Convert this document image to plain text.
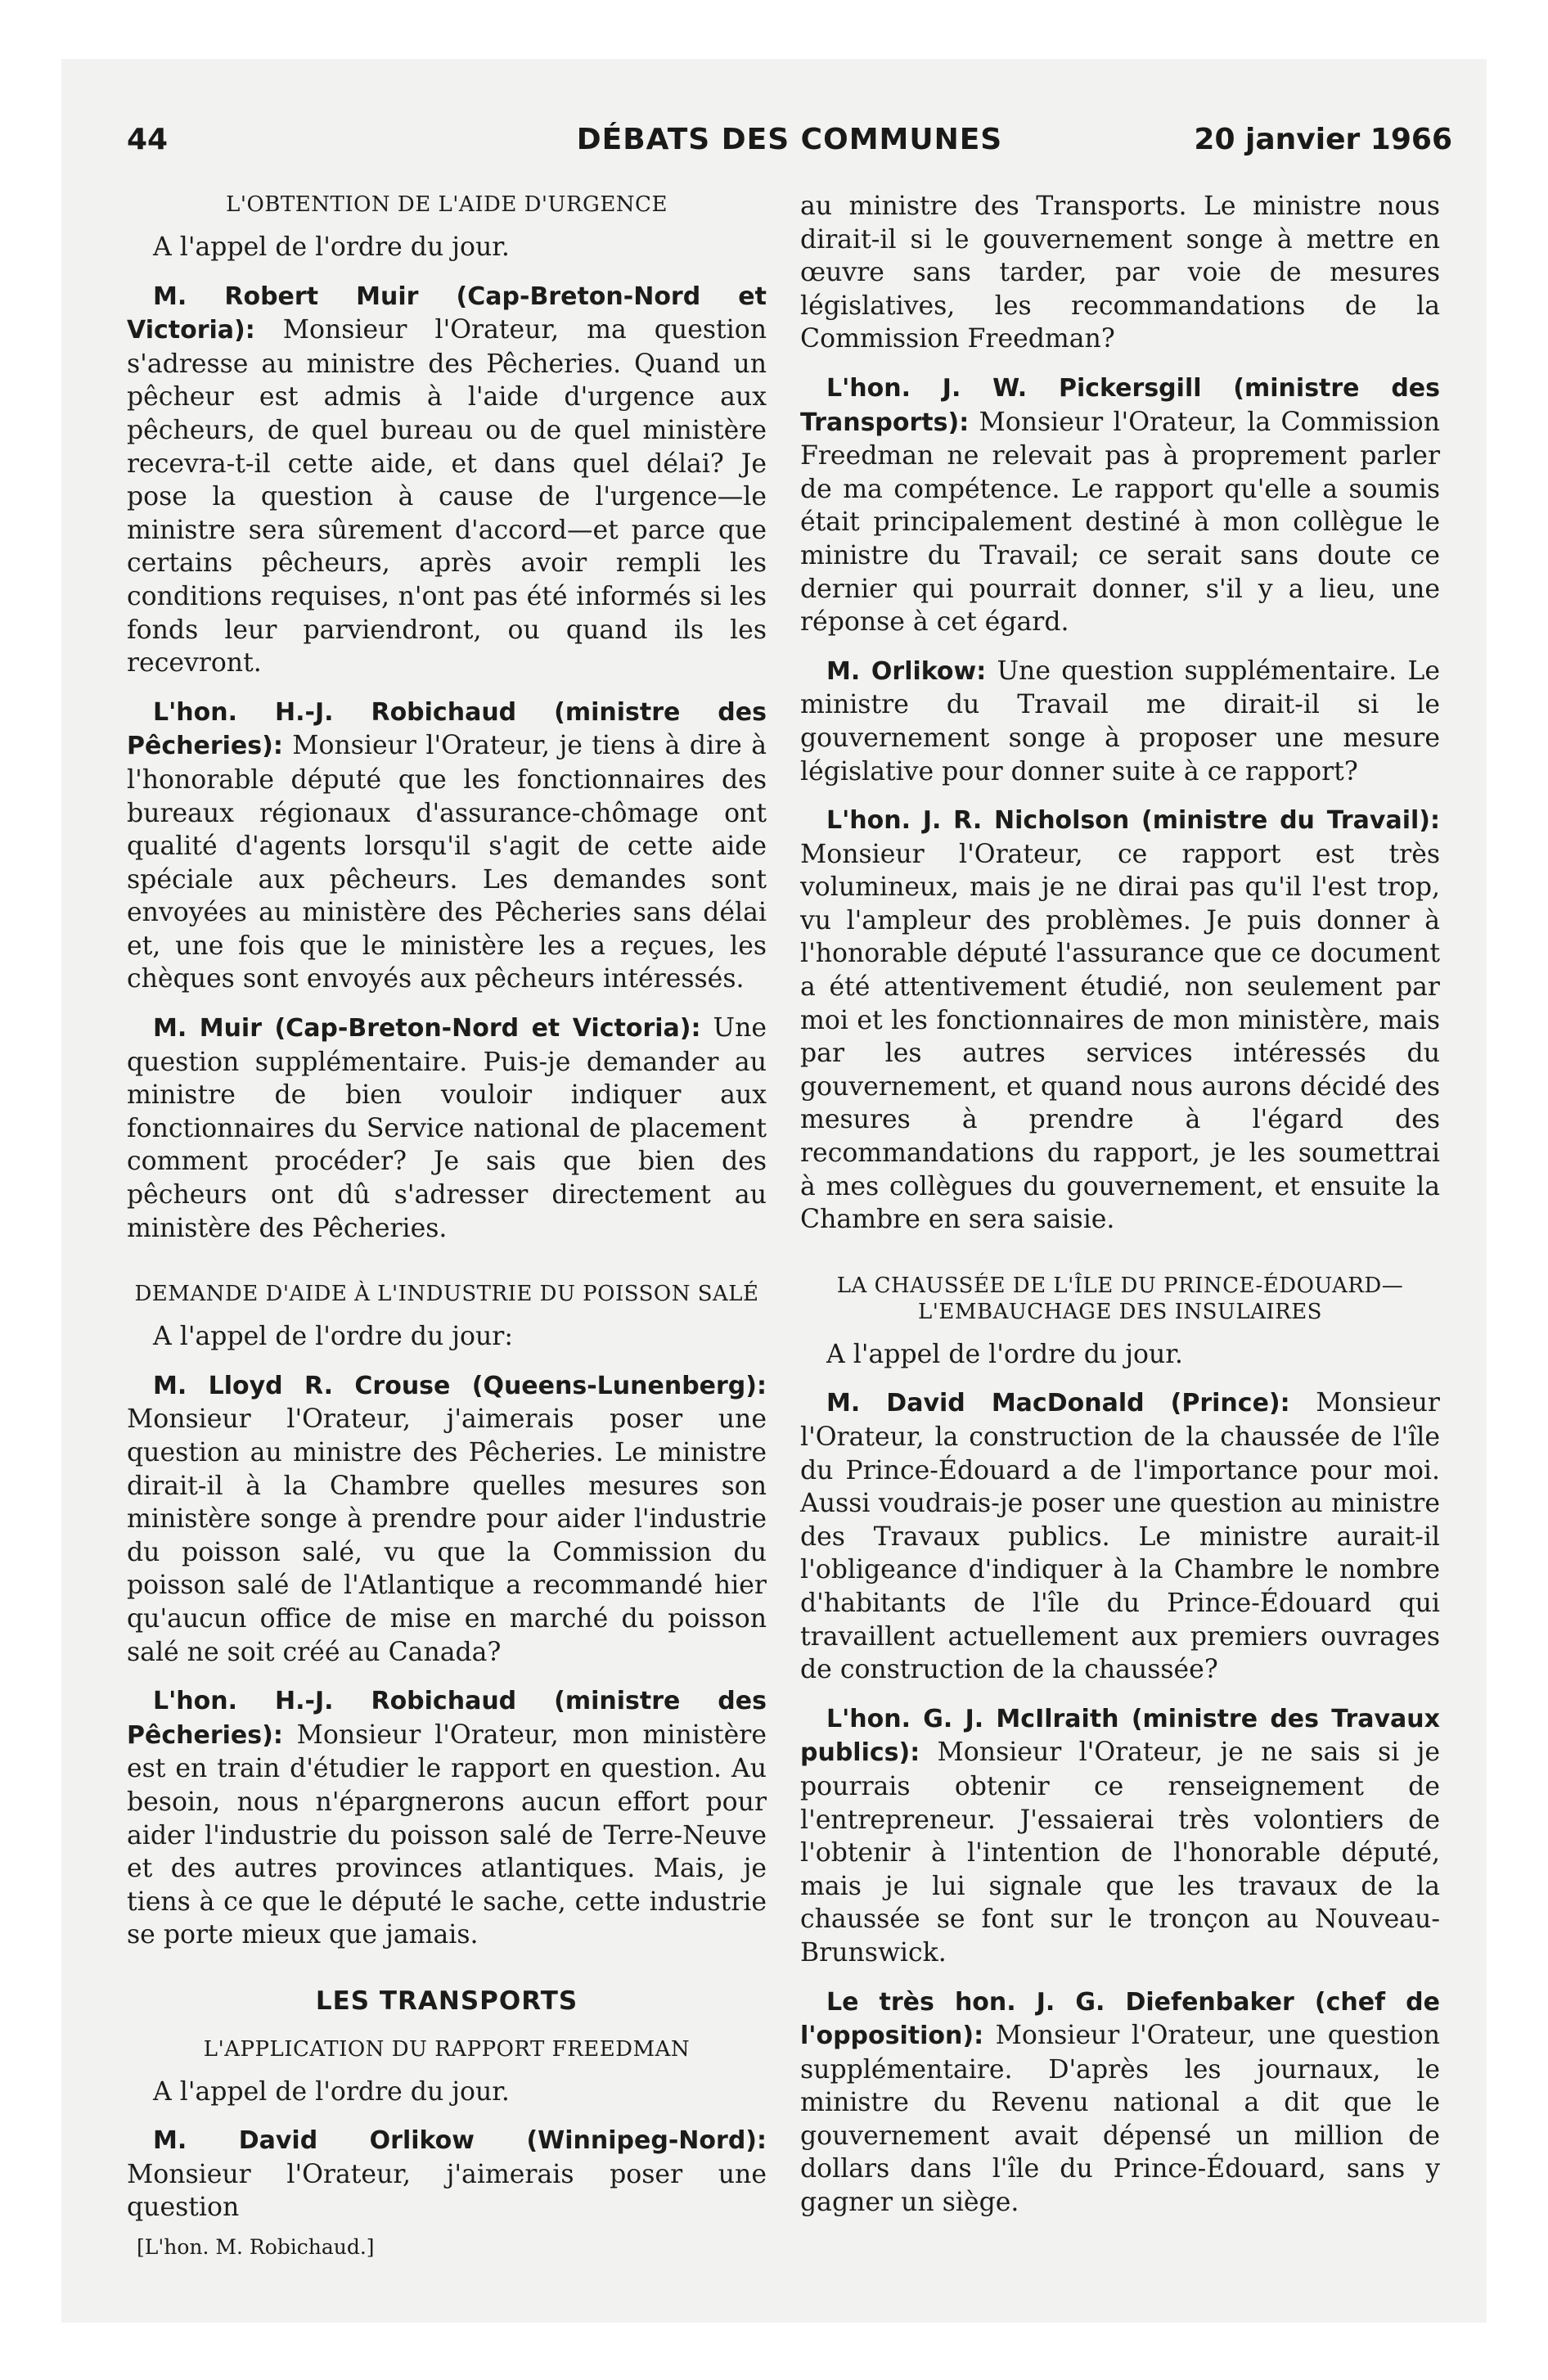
44	DÉBATS DES COMMUNES	20 janvier 1966
L'OBTENTION DE L'AIDE D'URGENCE

A l'appel de l'ordre du jour.

M. Robert Muir (Cap-Breton-Nord et Victoria): Monsieur l'Orateur, ma question s'adresse au ministre des Pêcheries. Quand un pêcheur est admis à l'aide d'urgence aux pêcheurs, de quel bureau ou de quel ministère recevra-t-il cette aide, et dans quel délai? Je pose la question à cause de l'urgence—le ministre sera sûrement d'accord—et parce que certains pêcheurs, après avoir rempli les conditions requises, n'ont pas été informés si les fonds leur parviendront, ou quand ils les recevront.

L'hon. H.-J. Robichaud (ministre des Pêcheries): Monsieur l'Orateur, je tiens à dire à l'honorable député que les fonctionnaires des bureaux régionaux d'assurance-chômage ont qualité d'agents lorsqu'il s'agit de cette aide spéciale aux pêcheurs. Les demandes sont envoyées au ministère des Pêcheries sans délai et, une fois que le ministère les a reçues, les chèques sont envoyés aux pêcheurs intéressés.

M. Muir (Cap-Breton-Nord et Victoria): Une question supplémentaire. Puis-je demander au ministre de bien vouloir indiquer aux fonctionnaires du Service national de placement comment procéder? Je sais que bien des pêcheurs ont dû s'adresser directement au ministère des Pêcheries.

DEMANDE D'AIDE À L'INDUSTRIE DU POISSON SALÉ

A l'appel de l'ordre du jour:

M. Lloyd R. Crouse (Queens-Lunenberg): Monsieur l'Orateur, j'aimerais poser une question au ministre des Pêcheries. Le ministre dirait-il à la Chambre quelles mesures son ministère songe à prendre pour aider l'industrie du poisson salé, vu que la Commission du poisson salé de l'Atlantique a recommandé hier qu'aucun office de mise en marché du poisson salé ne soit créé au Canada?

L'hon. H.-J. Robichaud (ministre des Pêcheries): Monsieur l'Orateur, mon ministère est en train d'étudier le rapport en question. Au besoin, nous n'épargnerons aucun effort pour aider l'industrie du poisson salé de Terre-Neuve et des autres provinces atlantiques. Mais, je tiens à ce que le député le sache, cette industrie se porte mieux que jamais.

LES TRANSPORTS
L'APPLICATION DU RAPPORT FREEDMAN

A l'appel de l'ordre du jour.

M. David Orlikow (Winnipeg-Nord): Monsieur l'Orateur, j'aimerais poser une question

[L'hon. M. Robichaud.]

au ministre des Transports. Le ministre nous dirait-il si le gouvernement songe à mettre en œuvre sans tarder, par voie de mesures législatives, les recommandations de la Commission Freedman?

L'hon. J. W. Pickersgill (ministre des Transports): Monsieur l'Orateur, la Commission Freedman ne relevait pas à proprement parler de ma compétence. Le rapport qu'elle a soumis était principalement destiné à mon collègue le ministre du Travail; ce serait sans doute ce dernier qui pourrait donner, s'il y a lieu, une réponse à cet égard.

M. Orlikow: Une question supplémentaire. Le ministre du Travail me dirait-il si le gouvernement songe à proposer une mesure législative pour donner suite à ce rapport?

L'hon. J. R. Nicholson (ministre du Travail): Monsieur l'Orateur, ce rapport est très volumineux, mais je ne dirai pas qu'il l'est trop, vu l'ampleur des problèmes. Je puis donner à l'honorable député l'assurance que ce document a été attentivement étudié, non seulement par moi et les fonctionnaires de mon ministère, mais par les autres services intéressés du gouvernement, et quand nous aurons décidé des mesures à prendre à l'égard des recommandations du rapport, je les soumettrai à mes collègues du gouvernement, et ensuite la Chambre en sera saisie.

LA CHAUSSÉE DE L'ÎLE DU PRINCE-ÉDOUARD—L'EMBAUCHAGE DES INSULAIRES

A l'appel de l'ordre du jour.

M. David MacDonald (Prince): Monsieur l'Orateur, la construction de la chaussée de l'île du Prince-Édouard a de l'importance pour moi. Aussi voudrais-je poser une question au ministre des Travaux publics. Le ministre aurait-il l'obligeance d'indiquer à la Chambre le nombre d'habitants de l'île du Prince-Édouard qui travaillent actuellement aux premiers ouvrages de construction de la chaussée?

L'hon. G. J. McIlraith (ministre des Travaux publics): Monsieur l'Orateur, je ne sais si je pourrais obtenir ce renseignement de l'entrepreneur. J'essaierai très volontiers de l'obtenir à l'intention de l'honorable député, mais je lui signale que les travaux de la chaussée se font sur le tronçon au Nouveau-Brunswick.

Le très hon. J. G. Diefenbaker (chef de l'opposition): Monsieur l'Orateur, une question supplémentaire. D'après les journaux, le ministre du Revenu national a dit que le gouvernement avait dépensé un million de dollars dans l'île du Prince-Édouard, sans y gagner un siège.
